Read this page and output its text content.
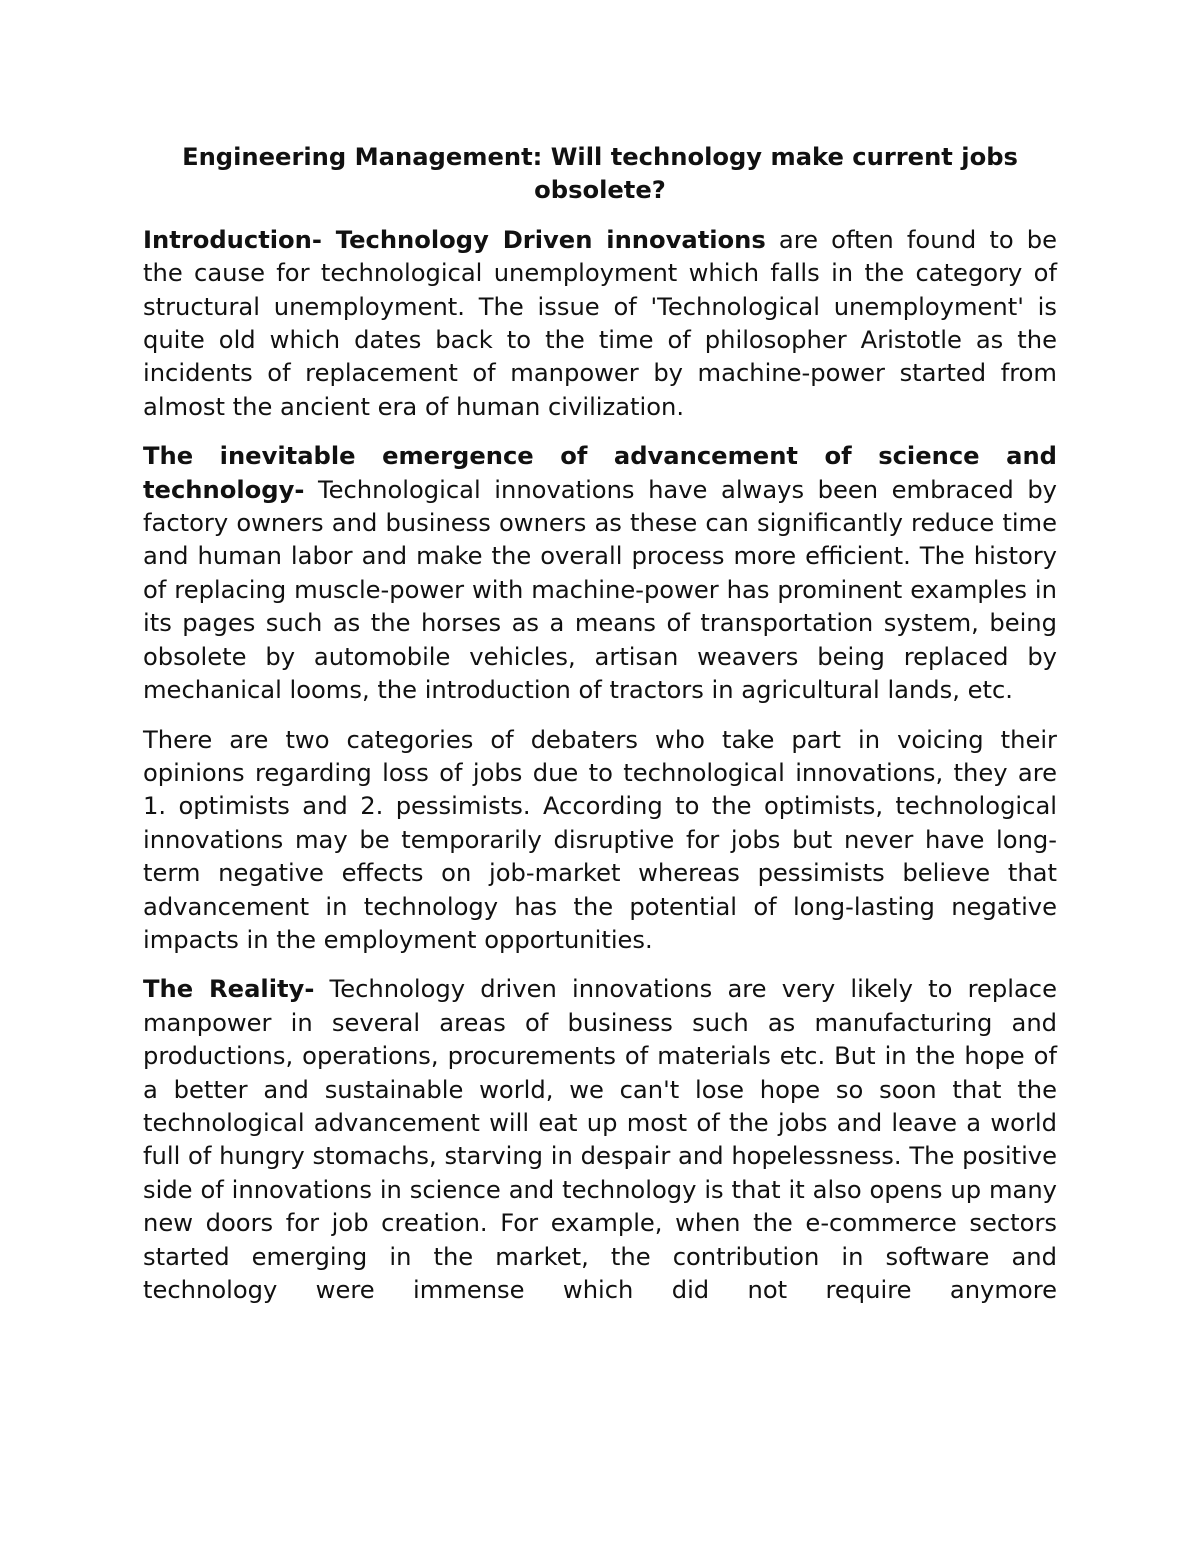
Engineering Management: Will technology make current jobs obsolete?

Introduction- Technology Driven innovations are often found to be the cause for technological unemployment which falls in the category of structural unemployment. The issue of 'Technological unemployment' is quite old which dates back to the time of philosopher Aristotle as the incidents of replacement of manpower by machine-power started from almost the ancient era of human civilization.

The inevitable emergence of advancement of science and technology- Technological innovations have always been embraced by factory owners and business owners as these can significantly reduce time and human labor and make the overall process more efficient. The history of replacing muscle-power with machine-power has prominent examples in its pages such as the horses as a means of transportation system, being obsolete by automobile vehicles, artisan weavers being replaced by mechanical looms, the introduction of tractors in agricultural lands, etc.

There are two categories of debaters who take part in voicing their opinions regarding loss of jobs due to technological innovations, they are 1. optimists and 2. pessimists. According to the optimists, technological innovations may be temporarily disruptive for jobs but never have long-term negative effects on job-market whereas pessimists believe that advancement in technology has the potential of long-lasting negative impacts in the employment opportunities.

The Reality- Technology driven innovations are very likely to replace manpower in several areas of business such as manufacturing and productions, operations, procurements of materials etc. But in the hope of a better and sustainable world, we can't lose hope so soon that the technological advancement will eat up most of the jobs and leave a world full of hungry stomachs, starving in despair and hopelessness. The positive side of innovations in science and technology is that it also opens up many new doors for job creation. For example, when the e-commerce sectors started emerging in the market, the contribution in software and technology were immense which did not require anymore
